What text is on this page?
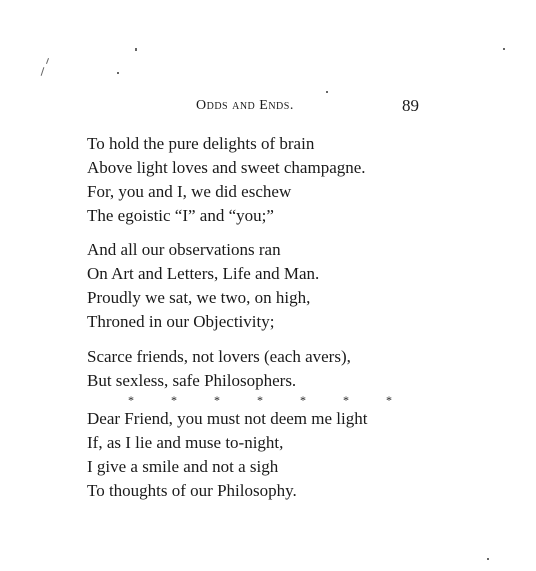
Odds and Ends.	89
To hold the pure delights of brain
Above light loves and sweet champagne.
For, you and I, we did eschew
The egoistic “I” and “you;”
And all our observations ran
On Art and Letters, Life and Man.
Proudly we sat, we two, on high,
Throned in our Objectivity;
Scarce friends, not lovers (each avers),
But sexless, safe Philosophers.
*	*	*	*	*	*	*
Dear Friend, you must not deem me light
If, as I lie and muse to-night,
I give a smile and not a sigh
To thoughts of our Philosophy.
